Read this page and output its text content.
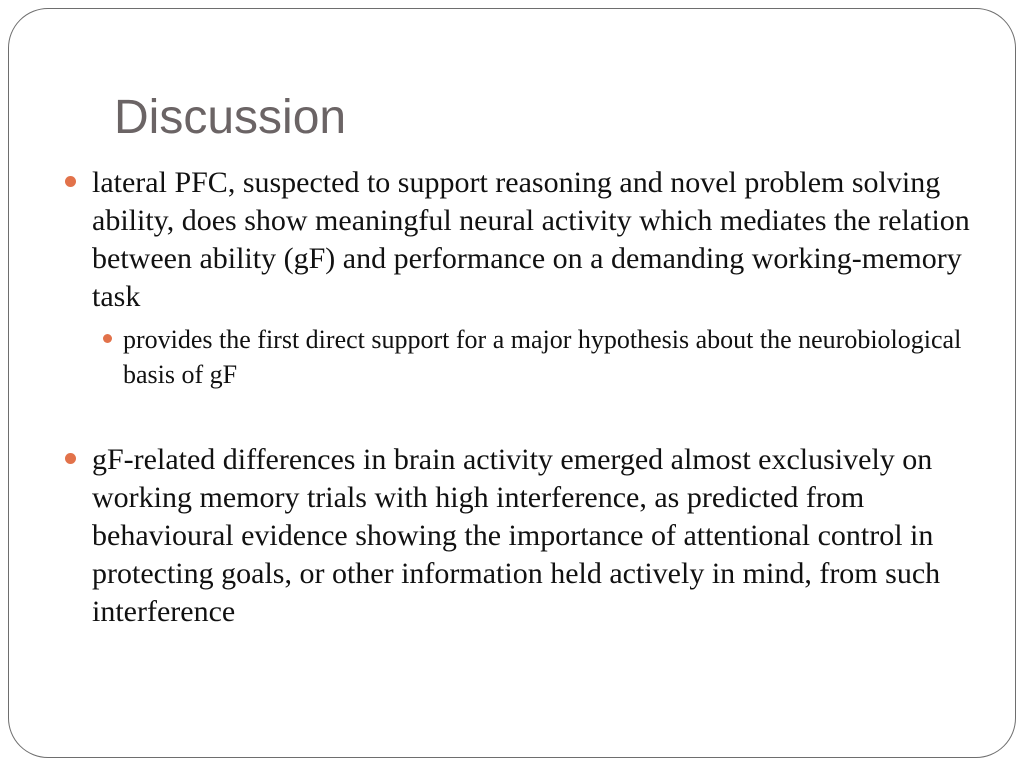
Discussion
lateral PFC, suspected to support reasoning and novel problem solving ability, does show meaningful neural activity which mediates the relation between ability (gF) and performance on a demanding working-memory task
provides the first direct support for a major hypothesis about the neurobiological basis of gF
gF-related differences in brain activity emerged almost exclusively on working memory trials with high interference, as predicted from behavioural evidence showing the importance of attentional control in protecting goals, or other information held actively in mind, from such interference
